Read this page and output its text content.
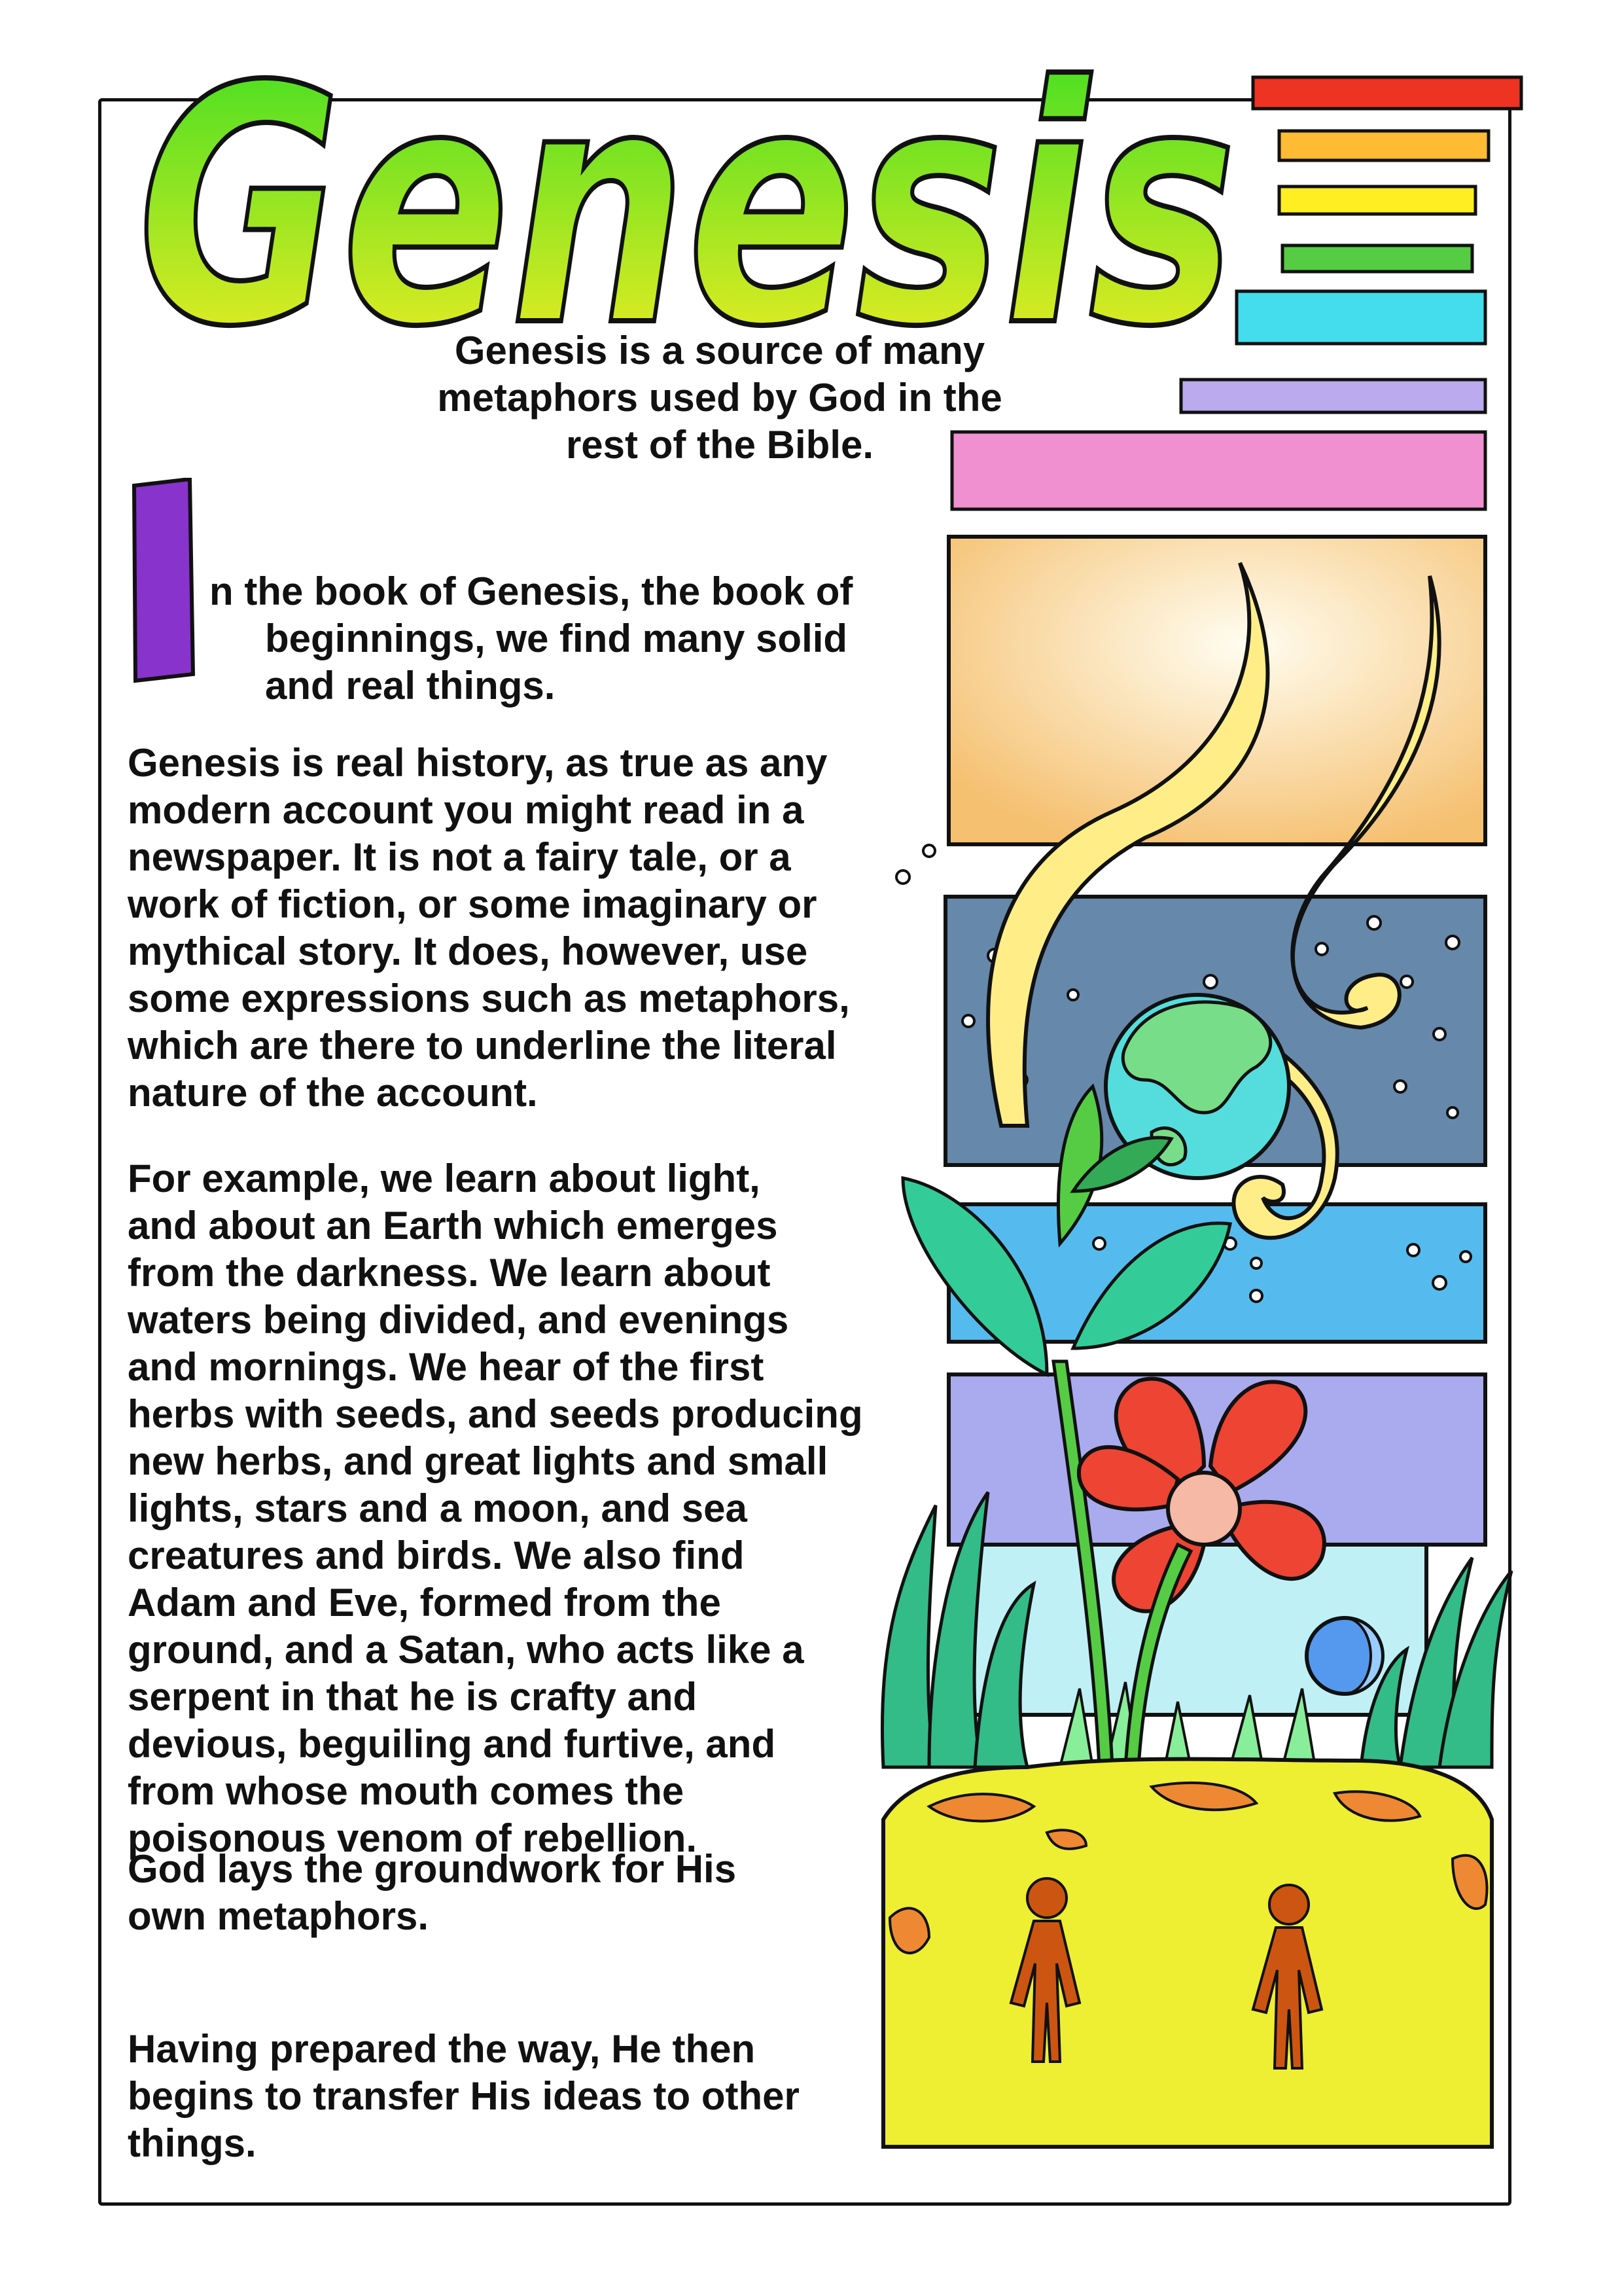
Genesis

Genesis is a source of many
metaphors used by God in the
rest of the Bible.

I n the book of Genesis, the book of

beginnings, we find many solid

and real things.

Genesis is real history, as true as any
modern account you might read in a
newspaper. It is not a fairy tale, or a
work of fiction, or some imaginary or
mythical story. It does, however, use
some expressions such as metaphors,
which are there to underline the literal
nature of the account.

For example, we learn about light,
and about an Earth which emerges
from the darkness. We learn about
waters being divided, and evenings
and mornings. We hear of the first
herbs with seeds, and seeds producing
new herbs, and great lights and small
lights, stars and a moon, and sea
creatures and birds. We also find
Adam and Eve, formed from the
ground, and a Satan, who acts like a
serpent in that he is crafty and
devious, beguiling and furtive, and
from whose mouth comes the
poisonous venom of rebellion.

God lays the groundwork for His
own metaphors.

Having prepared the way, He then
begins to transfer His ideas to other
things.
